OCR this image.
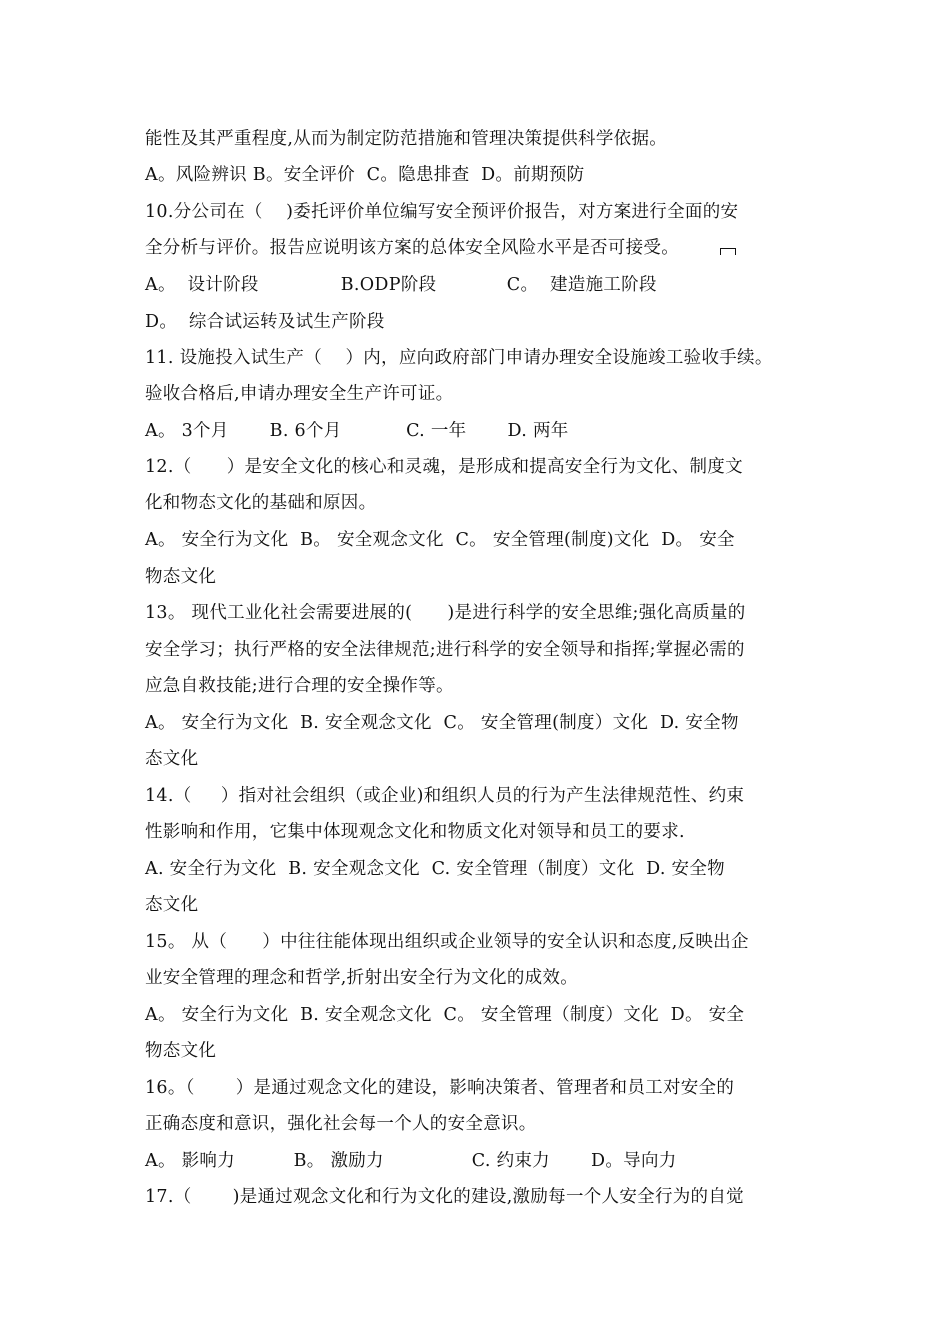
能性及其严重程度,从而为制定防范措施和管理决策提供科学依据。
A。风险辨识 B。安全评价  C。隐患排查  D。前期预防
10.分公司在（    )委托评价单位编写安全预评价报告，对方案进行全面的安
全分析与评价。报告应说明该方案的总体安全风险水平是否可接受。
A。  设计阶段              B.ODP阶段            C。  建造施工阶段
D。  综合试运转及试生产阶段
11. 设施投入试生产（    ）内，应向政府部门申请办理安全设施竣工验收手续。
验收合格后,申请办理安全生产许可证。
A。 3个月       B. 6个月           C. 一年       D. 两年
12.（      ）是安全文化的核心和灵魂，是形成和提高安全行为文化、制度文
化和物态文化的基础和原因。
A。 安全行为文化  B。 安全观念文化  C。 安全管理(制度)文化  D。 安全
物态文化
13。 现代工业化社会需要进展的(      )是进行科学的安全思维;强化高质量的
安全学习；执行严格的安全法律规范;进行科学的安全领导和指挥;掌握必需的
应急自救技能;进行合理的安全操作等。
A。 安全行为文化  B. 安全观念文化  C。 安全管理(制度）文化  D. 安全物
态文化
14.（     ）指对社会组织（或企业)和组织人员的行为产生法律规范性、约束
性影响和作用，它集中体现观念文化和物质文化对领导和员工的要求.
A. 安全行为文化  B. 安全观念文化  C. 安全管理（制度）文化  D. 安全物
态文化
15。 从（      ）中往往能体现出组织或企业领导的安全认识和态度,反映出企
业安全管理的理念和哲学,折射出安全行为文化的成效。
A。 安全行为文化  B. 安全观念文化  C。 安全管理（制度）文化  D。 安全
物态文化
16。（       ）是通过观念文化的建设，影响决策者、管理者和员工对安全的
正确态度和意识，强化社会每一个人的安全意识。
A。 影响力          B。 激励力               C. 约束力       D。导向力
17.（       )是通过观念文化和行为文化的建设,激励每一个人安全行为的自觉
